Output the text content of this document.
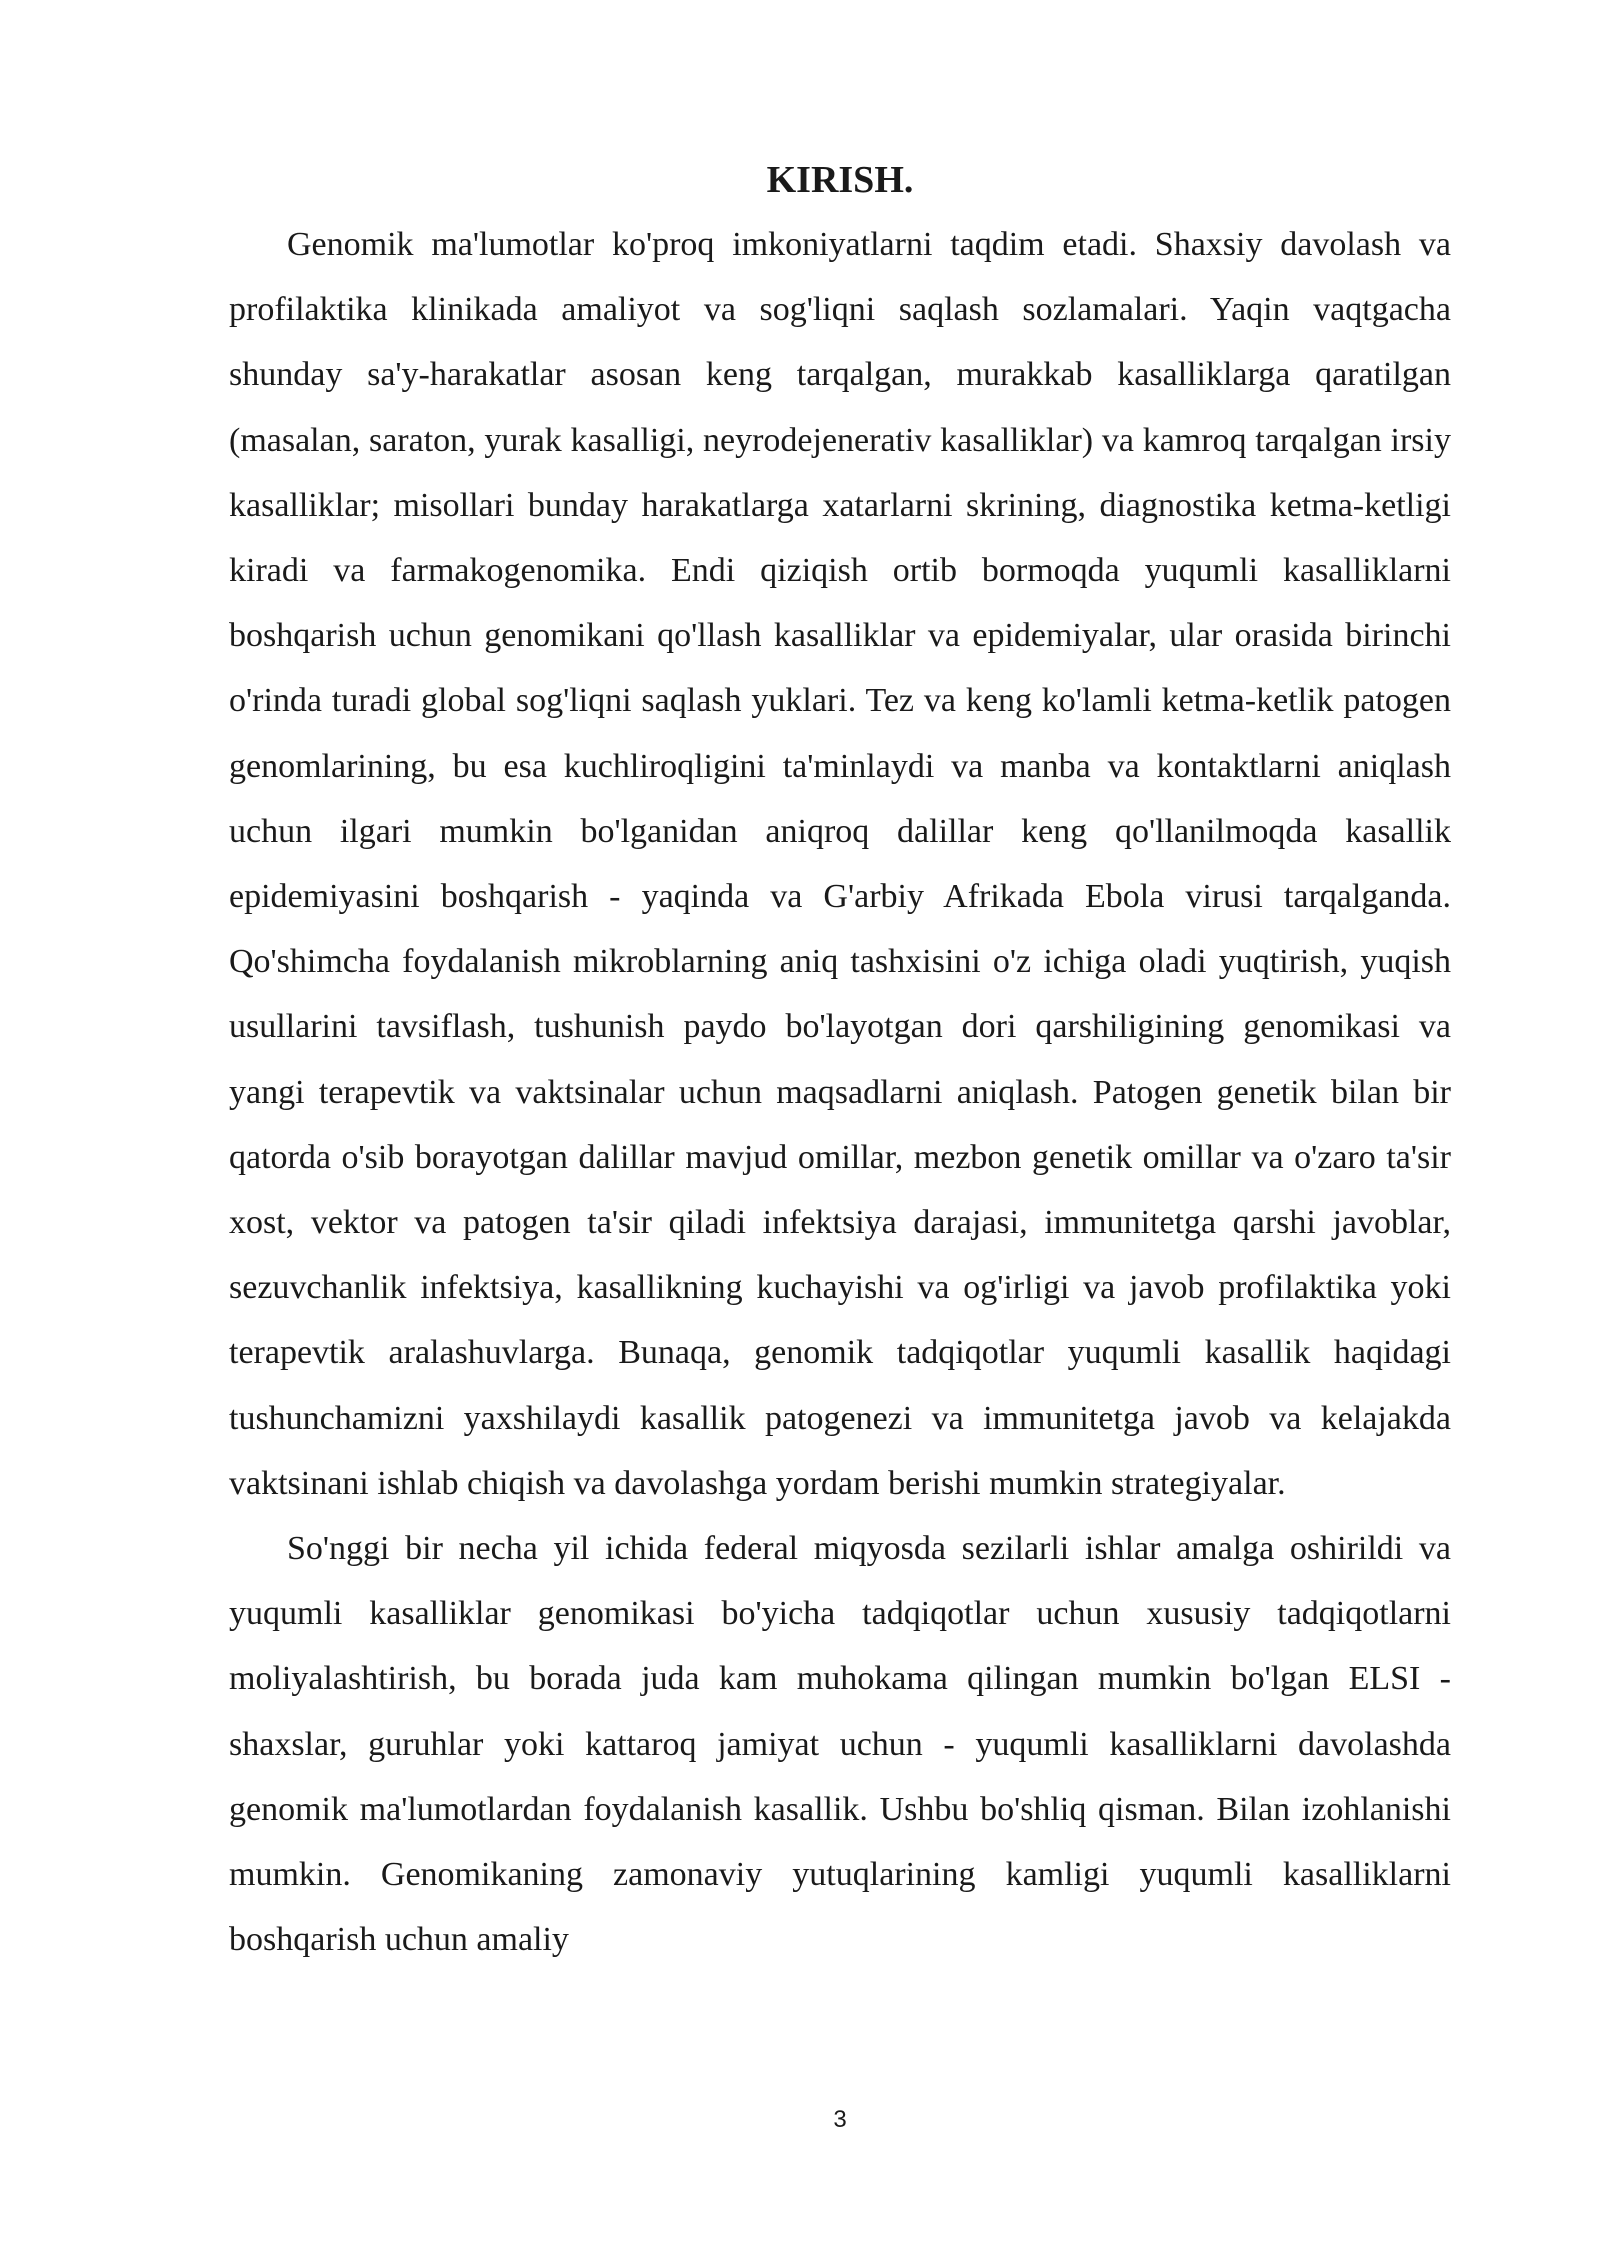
KIRISH.

Genomik ma'lumotlar ko'proq imkoniyatlarni taqdim etadi. Shaxsiy davolash va profilaktika klinikada amaliyot va sog'liqni saqlash sozlamalari. Yaqin vaqtgacha shunday sa'y-harakatlar asosan keng tarqalgan, murakkab kasalliklarga qaratilgan (masalan, saraton, yurak kasalligi, neyrodejenerativ kasalliklar) va kamroq tarqalgan irsiy kasalliklar; misollari bunday harakatlarga xatarlarni skrining, diagnostika ketma-ketligi kiradi va farmakogenomika. Endi qiziqish ortib bormoqda yuqumli kasalliklarni boshqarish uchun genomikani qo'llash kasalliklar va epidemiyalar, ular orasida birinchi o'rinda turadi global sog'liqni saqlash yuklari. Tez va keng ko'lamli ketma-ketlik patogen genomlarining, bu esa kuchliroqligini ta'minlaydi va manba va kontaktlarni aniqlash uchun ilgari mumkin bo'lganidan aniqroq dalillar keng qo'llanilmoqda kasallik epidemiyasini boshqarish - yaqinda va G'arbiy Afrikada Ebola virusi tarqalganda. Qo'shimcha foydalanish mikroblarning aniq tashxisini o'z ichiga oladi yuqtirish, yuqish usullarini tavsiflash, tushunish paydo bo'layotgan dori qarshiligining genomikasi va yangi terapevtik va vaktsinalar uchun maqsadlarni aniqlash. Patogen genetik bilan bir qatorda o'sib borayotgan dalillar mavjud omillar, mezbon genetik omillar va o'zaro ta'sir xost, vektor va patogen ta'sir qiladi infektsiya darajasi, immunitetga qarshi javoblar, sezuvchanlik infektsiya, kasallikning kuchayishi va og'irligi va javob profilaktika yoki terapevtik aralashuvlarga. Bunaqa, genomik tadqiqotlar yuqumli kasallik haqidagi tushunchamizni yaxshilaydi kasallik patogenezi va immunitetga javob va kelajakda vaktsinani ishlab chiqish va davolashga yordam berishi mumkin strategiyalar.

So'nggi bir necha yil ichida federal miqyosda sezilarli ishlar amalga oshirildi va yuqumli kasalliklar genomikasi bo'yicha tadqiqotlar uchun xususiy tadqiqotlarni moliyalashtirish, bu borada juda kam muhokama qilingan mumkin bo'lgan ELSI - shaxslar, guruhlar yoki kattaroq jamiyat uchun - yuqumli kasalliklarni davolashda genomik ma'lumotlardan foydalanish kasallik. Ushbu bo'shliq qisman. Bilan izohlanishi mumkin. Genomikaning zamonaviy yutuqlarining kamligi yuqumli kasalliklarni boshqarish uchun amaliy

3
